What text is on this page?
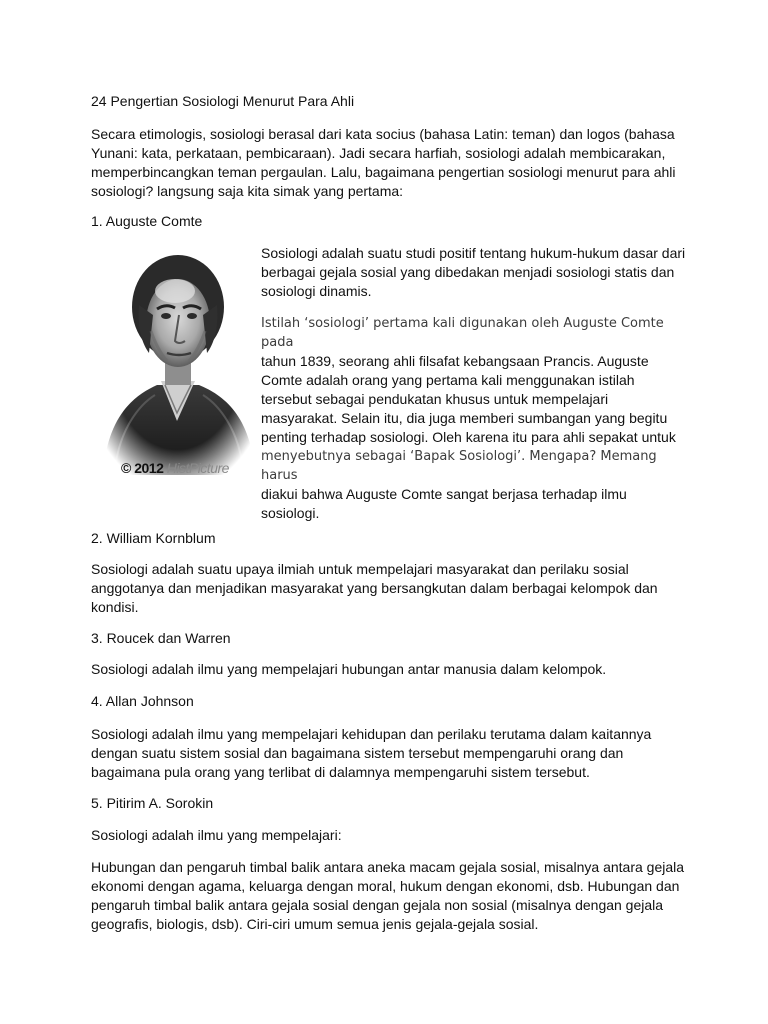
24 Pengertian Sosiologi Menurut Para Ahli

Secara etimologis, sosiologi berasal dari kata socius (bahasa Latin: teman) dan logos (bahasa Yunani: kata, perkataan, pembicaraan). Jadi secara harfiah, sosiologi adalah membicarakan, memperbincangkan teman pergaulan. Lalu, bagaimana pengertian sosiologi menurut para ahli sosiologi? langsung saja kita simak yang pertama:

1. Auguste Comte

© 2012 HistPicture

Sosiologi adalah suatu studi positif tentang hukum-hukum dasar dari berbagai gejala sosial yang dibedakan menjadi sosiologi statis dan sosiologi dinamis.

Istilah ‘sosiologi’ pertama kali digunakan oleh Auguste Comte pada
tahun 1839, seorang ahli filsafat kebangsaan Prancis. Auguste
Comte adalah orang yang pertama kali menggunakan istilah
tersebut sebagai pendukatan khusus untuk mempelajari
masyarakat. Selain itu, dia juga memberi sumbangan yang begitu
penting terhadap sosiologi. Oleh karena itu para ahli sepakat untuk
menyebutnya sebagai ‘Bapak Sosiologi’. Mengapa? Memang harus
diakui bahwa Auguste Comte sangat berjasa terhadap ilmu
sosiologi.

2. William Kornblum

Sosiologi adalah suatu upaya ilmiah untuk mempelajari masyarakat dan perilaku sosial anggotanya dan menjadikan masyarakat yang bersangkutan dalam berbagai kelompok dan kondisi.

3. Roucek dan Warren

Sosiologi adalah ilmu yang mempelajari hubungan antar manusia dalam kelompok.

4. Allan Johnson

Sosiologi adalah ilmu yang mempelajari kehidupan dan perilaku terutama dalam kaitannya dengan suatu sistem sosial dan bagaimana sistem tersebut mempengaruhi orang dan bagaimana pula orang yang terlibat di dalamnya mempengaruhi sistem tersebut.

5. Pitirim A. Sorokin

Sosiologi adalah ilmu yang mempelajari:

Hubungan dan pengaruh timbal balik antara aneka macam gejala sosial, misalnya antara gejala ekonomi dengan agama, keluarga dengan moral, hukum dengan ekonomi, dsb. Hubungan dan pengaruh timbal balik antara gejala sosial dengan gejala non sosial (misalnya dengan gejala geografis, biologis, dsb). Ciri-ciri umum semua jenis gejala-gejala sosial.
